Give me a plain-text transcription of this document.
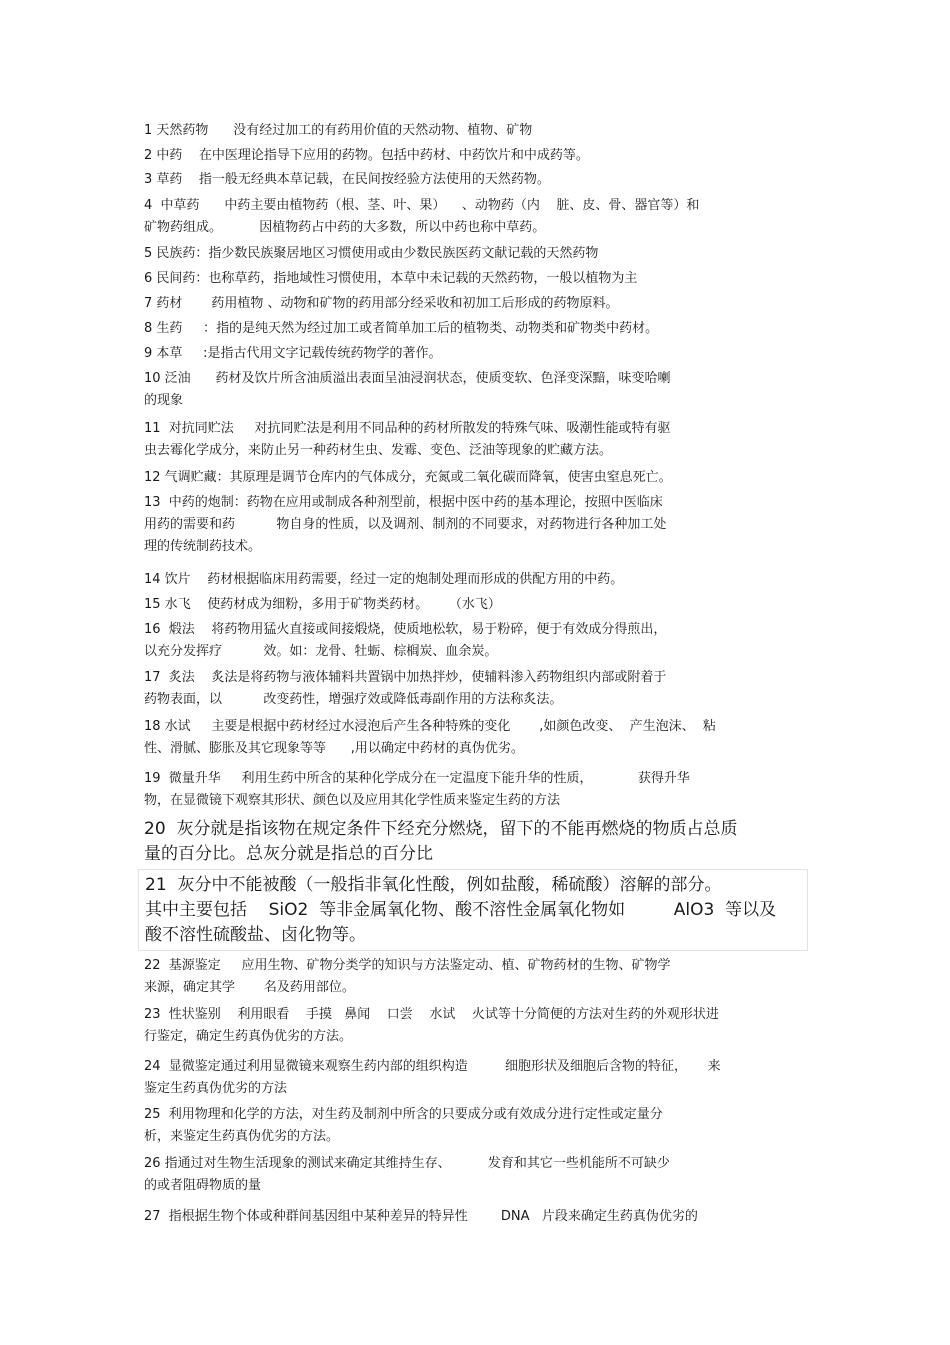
1 天然药物      没有经过加工的有药用价值的天然动物、植物、矿物
2 中药    在中医理论指导下应用的药物。包括中药材、中药饮片和中成药等。
3 草药    指一般无经典本草记载，在民间按经验方法使用的天然药物。
4  中草药      中药主要由植物药（根、茎、叶、果）    、动物药（内    脏、皮、骨、器官等）和
矿物药组成。         因植物药占中药的大多数，所以中药也称中草药。
5 民族药：指少数民族聚居地区习惯使用或由少数民族医药文献记载的天然药物
6 民间药：也称草药，指地域性习惯使用，本草中未记载的天然药物，一般以植物为主
7 药材       药用植物 、动物和矿物的药用部分经采收和初加工后形成的药物原料。
8 生药     ：指的是纯天然为经过加工或者简单加工后的植物类、动物类和矿物类中药材。
9 本草     :是指古代用文字记载传统药物学的著作。
10 泛油      药材及饮片所含油质溢出表面呈油浸润状态，使质变软、色泽变深黯，味变哈喇
的现象
11  对抗同贮法     对抗同贮法是利用不同品种的药材所散发的特殊气味、吸潮性能或特有驱
虫去霉化学成分，来防止另一种药材生虫、发霉、变色、泛油等现象的贮藏方法。
12 气调贮藏：其原理是调节仓库内的气体成分，充氮或二氧化碳而降氧，使害虫窒息死亡。
13  中药的炮制：药物在应用或制成各种剂型前，根据中医中药的基本理论，按照中医临床
用药的需要和药          物自身的性质，以及调剂、制剂的不同要求，对药物进行各种加工处
理的传统制药技术。
14 饮片    药材根据临床用药需要，经过一定的炮制处理而形成的供配方用的中药。
15 水飞    使药材成为细粉，多用于矿物类药材。     （水飞）
16  煅法    将药物用猛火直接或间接煅烧，使质地松软，易于粉碎，便于有效成分得煎出，
以充分发挥疗          效。如：龙骨、牡蛎、棕榈炭、血余炭。
17  炙法    炙法是将药物与液体辅料共置锅中加热拌炒，使辅料渗入药物组织内部或附着于
药物表面，以          改变药性，增强疗效或降低毒副作用的方法称炙法。
18 水试     主要是根据中药材经过水浸泡后产生各种特殊的变化       ,如颜色改变、  产生泡沫、  粘
性、滑腻、膨胀及其它现象等等      ,用以确定中药材的真伪优劣。
19  微量升华     利用生药中所含的某种化学成分在一定温度下能升华的性质，           获得升华
物，在显微镜下观察其形状、颜色以及应用其化学性质来鉴定生药的方法
20  灰分就是指该物在规定条件下经充分燃烧，留下的不能再燃烧的物质占总质
量的百分比。总灰分就是指总的百分比
21  灰分中不能被酸（一般指非氧化性酸，例如盐酸，稀硫酸）溶解的部分。
其中主要包括    SiO2  等非金属氧化物、酸不溶性金属氧化物如         AlO3  等以及
酸不溶性硫酸盐、卤化物等。
22  基源鉴定     应用生物、矿物分类学的知识与方法鉴定动、植、矿物药材的生物、矿物学
来源，确定其学       名及药用部位。
23  性状鉴别    利用眼看    手摸   鼻闻    口尝    水试    火试等十分简便的方法对生药的外观形状进
行鉴定，确定生药真伪优劣的方法。
24  显微鉴定通过利用显微镜来观察生药内部的组织构造         细胞形状及细胞后含物的特征，     来
鉴定生药真伪优劣的方法
25  利用物理和化学的方法，对生药及制剂中所含的只要成分或有效成分进行定性或定量分
析，来鉴定生药真伪优劣的方法。
26 指通过对生物生活现象的测试来确定其维持生存、         发育和其它一些机能所不可缺少
的或者阻碍物质的量
27  指根据生物个体或种群间基因组中某种差异的特异性        DNA   片段来确定生药真伪优劣的
